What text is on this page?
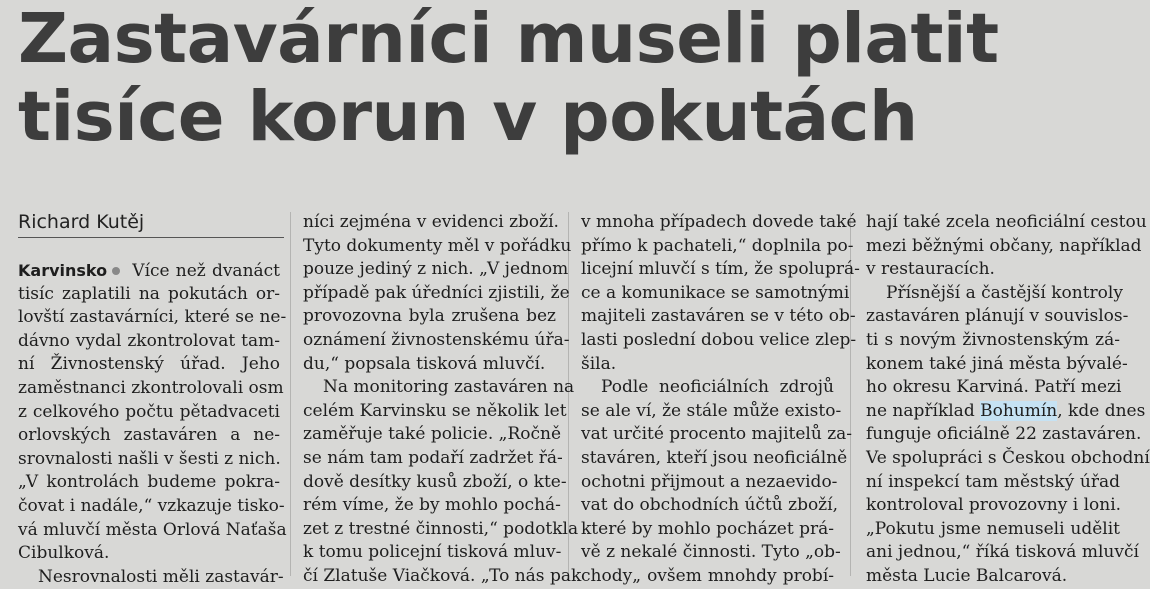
Zastavárníci museli platit
tisíce korun v pokutách
Richard Kutěj
Karvinsko Více než dvanáct
tisíc zaplatili na pokutách or-
lovští zastavárníci, které se ne-
dávno vydal zkontrolovat tam-
ní Živnostenský úřad. Jeho
zaměstnanci zkontrolovali osm
z celkového počtu pětadvaceti
orlovských zastaváren a ne-
srovnalosti našli v šesti z nich.
„V kontrolách budeme pokra-
čovat i nadále,“ vzkazuje tisko-
vá mluvčí města Orlová Naťaša
Cibulková.
Nesrovnalosti měli zastavár-
níci zejména v evidenci zboží.
Tyto dokumenty měl v pořádku
pouze jediný z nich. „V jednom
případě pak úředníci zjistili, že
provozovna byla zrušena bez
oznámení živnostenskému úřa-
du,“ popsala tisková mluvčí.
Na monitoring zastaváren na
celém Karvinsku se několik let
zaměřuje také policie. „Ročně
se nám tam podaří zadržet řá-
dově desítky kusů zboží, o kte-
rém víme, že by mohlo pochá-
zet z trestné činnosti,“ podotkla
k tomu policejní tisková mluv-
čí Zlatuše Viačková. „To nás pak
v mnoha případech dovede také
přímo k pachateli,“ doplnila po-
licejní mluvčí s tím, že spoluprá-
ce a komunikace se samotnými
majiteli zastaváren se v této ob-
lasti poslední dobou velice zlep-
šila.
Podle neoficiálních zdrojů
se ale ví, že stále může existo-
vat určité procento majitelů za-
staváren, kteří jsou neoficiálně
ochotni přijmout a nezaevido-
vat do obchodních účtů zboží,
které by mohlo pocházet prá-
vě z nekalé činnosti. Tyto „ob-
chody„ ovšem mnohdy probí-
hají také zcela neoficiální cestou
mezi běžnými občany, například
v restauracích.
Přísnější a častější kontroly
zastaváren plánují v souvislos-
ti s novým živnostenským zá-
konem také jiná města bývalé-
ho okresu Karviná. Patří mezi
ne například Bohumín, kde dnes
funguje oficiálně 22 zastaváren.
Ve spolupráci s Českou obchodní
ní inspekcí tam městský úřad
kontroloval provozovny i loni.
„Pokutu jsme nemuseli udělit
ani jednou,“ říká tisková mluvčí
města Lucie Balcarová.
